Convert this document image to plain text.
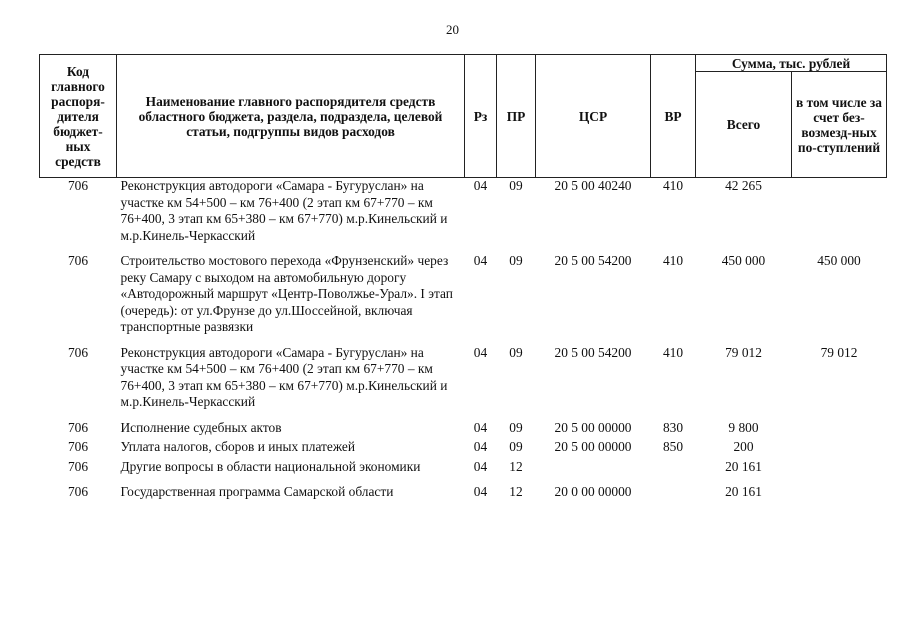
20
Код главного распоря-дителя бюджет-ных средств	Наименование главного распорядителя средств областного бюджета, раздела, подраздела, целевой статьи, подгруппы видов расходов	Рз	ПР	ЦСР	ВР	Сумма, тыс. рублей	
						Всего	в том числе за счет без-возмезд-ных по-ступлений
706	Реконструкция автодороги «Самара - Бугуруслан» на участке км 54+500 – км 76+400 (2 этап км 67+770 – км 76+400, 3 этап км 65+380 – км 67+770) м.р.Кинельский и м.р.Кинель-Черкасский	04	09	20 5 00 40240	410	42 265	
706	Строительство мостового перехода «Фрунзенский» через реку Самару с выходом на автомобильную дорогу «Автодорожный маршрут «Центр-Поволжье-Урал». I этап (очередь): от ул.Фрунзе до ул.Шоссейной, включая транспортные развязки	04	09	20 5 00 54200	410	450 000	450 000
706	Реконструкция автодороги «Самара - Бугуруслан» на участке км 54+500 – км 76+400 (2 этап км 67+770 – км 76+400, 3 этап км 65+380 – км 67+770) м.р.Кинельский и м.р.Кинель-Черкасский	04	09	20 5 00 54200	410	79 012	79 012
706	Исполнение судебных актов	04	09	20 5 00 00000	830	9 800	
706	Уплата налогов, сборов и иных платежей	04	09	20 5 00 00000	850	200	
706	Другие вопросы в области национальной экономики	04	12			20 161	
706	Государственная программа Самарской области	04	12	20 0 00 00000		20 161	
